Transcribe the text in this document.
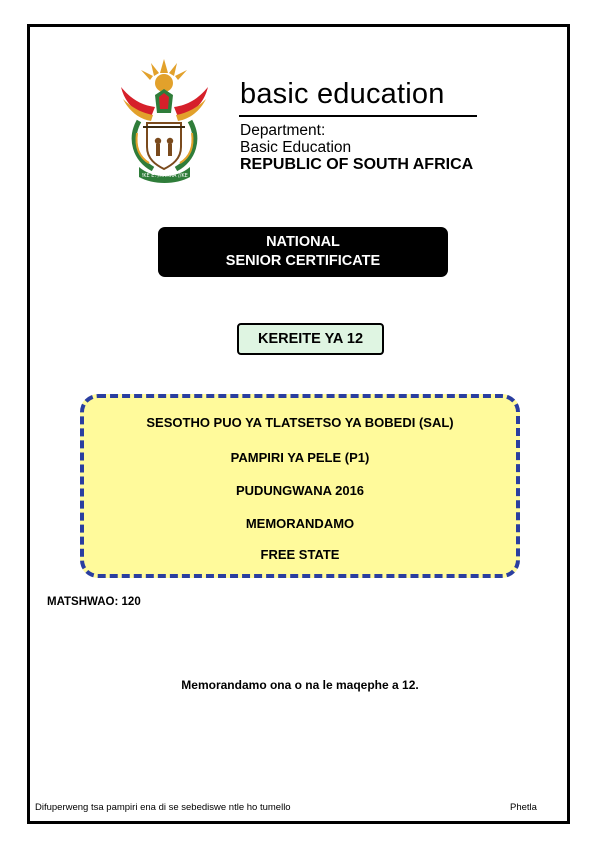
!KE E: /XARRA //KE
basic education
Department:
Basic Education
REPUBLIC OF SOUTH AFRICA
NATIONAL
SENIOR CERTIFICATE
KEREITE YA 12
SESOTHO PUO YA TLATSETSO YA BOBEDI (SAL)
PAMPIRI YA PELE (P1)
PUDUNGWANA 2016
MEMORANDAMO
FREE STATE
MATSHWAO: 120
Memorandamo ona o na le maqephe a 12.
Difuperweng tsa pampiri ena di se sebediswe ntle ho tumello	Phetla
